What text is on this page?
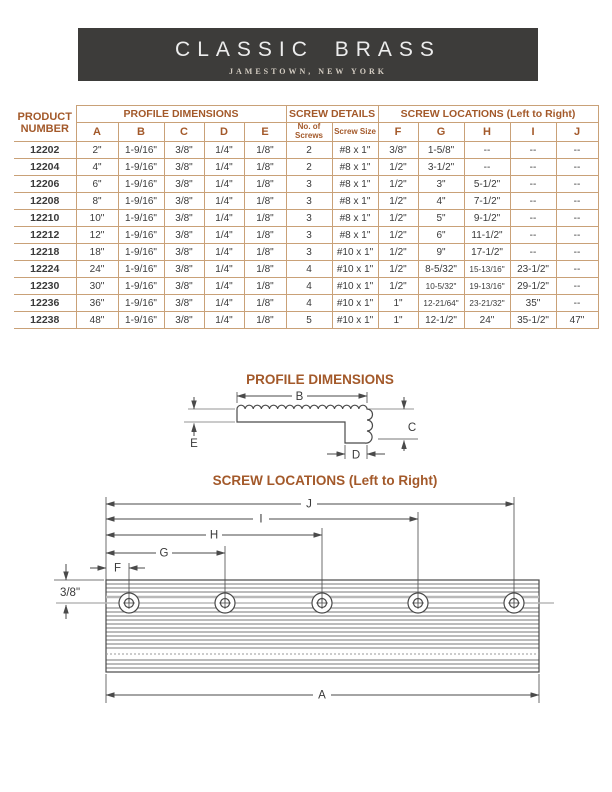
CLASSIC BRASS
JAMESTOWN, NEW YORK
PRODUCT NUMBER	PROFILE DIMENSIONS					SCREW DETAILS		SCREW LOCATIONS (Left to Right)				
	A	B	C	D	E	No. of Screws	Screw Size	F	G	H	I	J
12202	2"	1-9/16"	3/8"	1/4"	1/8"	2	#8 x 1"	3/8"	1-5/8"	--	--	--
12204	4"	1-9/16"	3/8"	1/4"	1/8"	2	#8 x 1"	1/2"	3-1/2"	--	--	--
12206	6"	1-9/16"	3/8"	1/4"	1/8"	3	#8 x 1"	1/2"	3"	5-1/2"	--	--
12208	8"	1-9/16"	3/8"	1/4"	1/8"	3	#8 x 1"	1/2"	4"	7-1/2"	--	--
12210	10"	1-9/16"	3/8"	1/4"	1/8"	3	#8 x 1"	1/2"	5"	9-1/2"	--	--
12212	12"	1-9/16"	3/8"	1/4"	1/8"	3	#8 x 1"	1/2"	6"	11-1/2"	--	--
12218	18"	1-9/16"	3/8"	1/4"	1/8"	3	#10 x 1"	1/2"	9"	17-1/2"	--	--
12224	24"	1-9/16"	3/8"	1/4"	1/8"	4	#10 x 1"	1/2"	8-5/32"	15-13/16"	23-1/2"	--
12230	30"	1-9/16"	3/8"	1/4"	1/8"	4	#10 x 1"	1/2"	10-5/32"	19-13/16"	29-1/2"	--
12236	36"	1-9/16"	3/8"	1/4"	1/8"	4	#10 x 1"	1"	12-21/64"	23-21/32"	35"	--
12238	48"	1-9/16"	3/8"	1/4"	1/8"	5	#10 x 1"	1"	12-1/2"	24"	35-1/2"	47"
PROFILE DIMENSIONS
B
E
C
D
SCREW LOCATIONS (Left to Right)
J
I
H
G
F
3/8"
A
